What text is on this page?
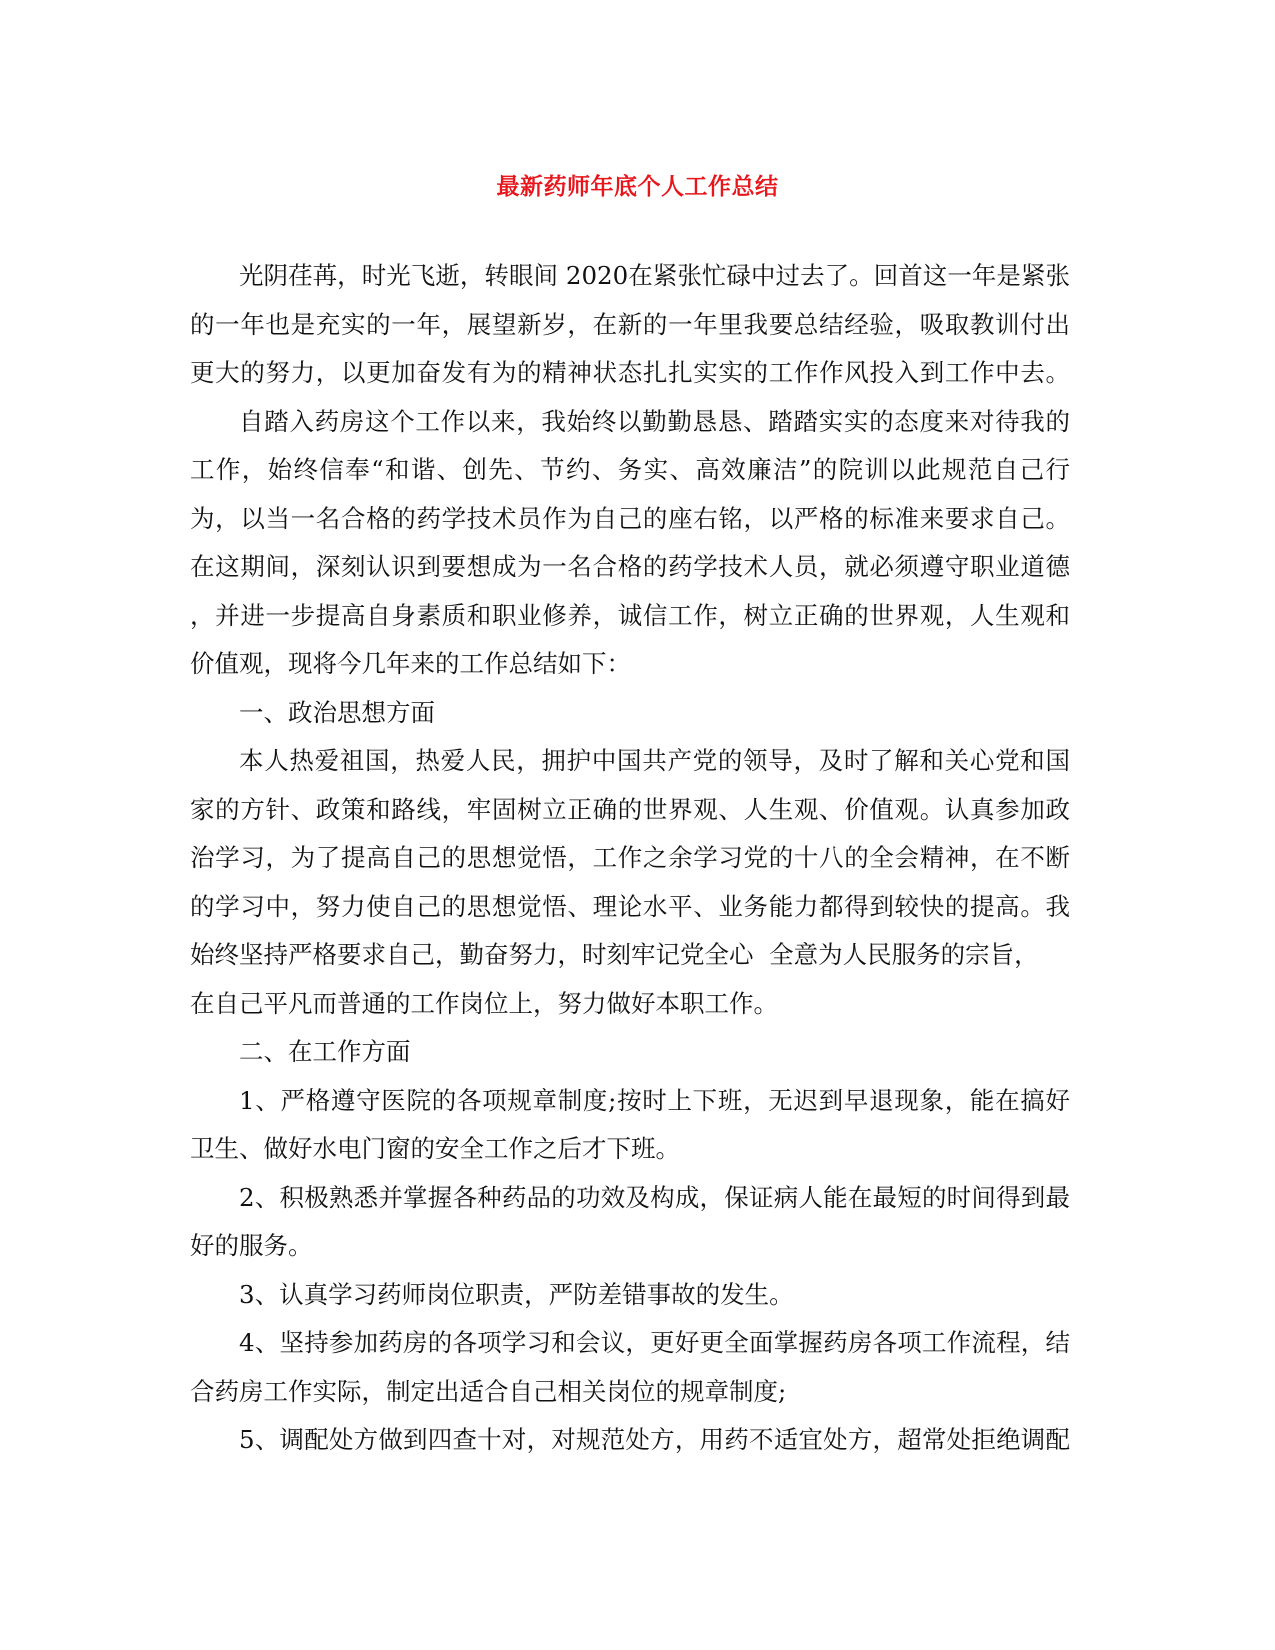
最新药师年底个人工作总结
光阴荏苒，时光飞逝，转眼间 2020在紧张忙碌中过去了。回首这一年是紧张
的一年也是充实的一年，展望新岁，在新的一年里我要总结经验，吸取教训付出
更大的努力，以更加奋发有为的精神状态扎扎实实的工作作风投入到工作中去。
自踏入药房这个工作以来，我始终以勤勤恳恳、踏踏实实的态度来对待我的
工作，始终信奉“和谐、创先、节约、务实、高效廉洁”的院训以此规范自己行
为，以当一名合格的药学技术员作为自己的座右铭，以严格的标准来要求自己。
在这期间，深刻认识到要想成为一名合格的药学技术人员，就必须遵守职业道德
，并进一步提高自身素质和职业修养，诚信工作，树立正确的世界观，人生观和
价值观，现将今几年来的工作总结如下：
一、政治思想方面
本人热爱祖国，热爱人民，拥护中国共产党的领导，及时了解和关心党和国
家的方针、政策和路线，牢固树立正确的世界观、人生观、价值观。认真参加政
治学习，为了提高自己的思想觉悟，工作之余学习党的十八的全会精神，在不断
的学习中，努力使自己的思想觉悟、理论水平、业务能力都得到较快的提高。我
始终坚持严格要求自己，勤奋努力，时刻牢记党全心  全意为人民服务的宗旨，
在自己平凡而普通的工作岗位上，努力做好本职工作。
二、在工作方面
1、严格遵守医院的各项规章制度;按时上下班，无迟到早退现象，能在搞好
卫生、做好水电门窗的安全工作之后才下班。
2、积极熟悉并掌握各种药品的功效及构成，保证病人能在最短的时间得到最
好的服务。
3、认真学习药师岗位职责，严防差错事故的发生。
4、坚持参加药房的各项学习和会议，更好更全面掌握药房各项工作流程，结
合药房工作实际，制定出适合自己相关岗位的规章制度;
5、调配处方做到四查十对，对规范处方，用药不适宜处方，超常处拒绝调配
